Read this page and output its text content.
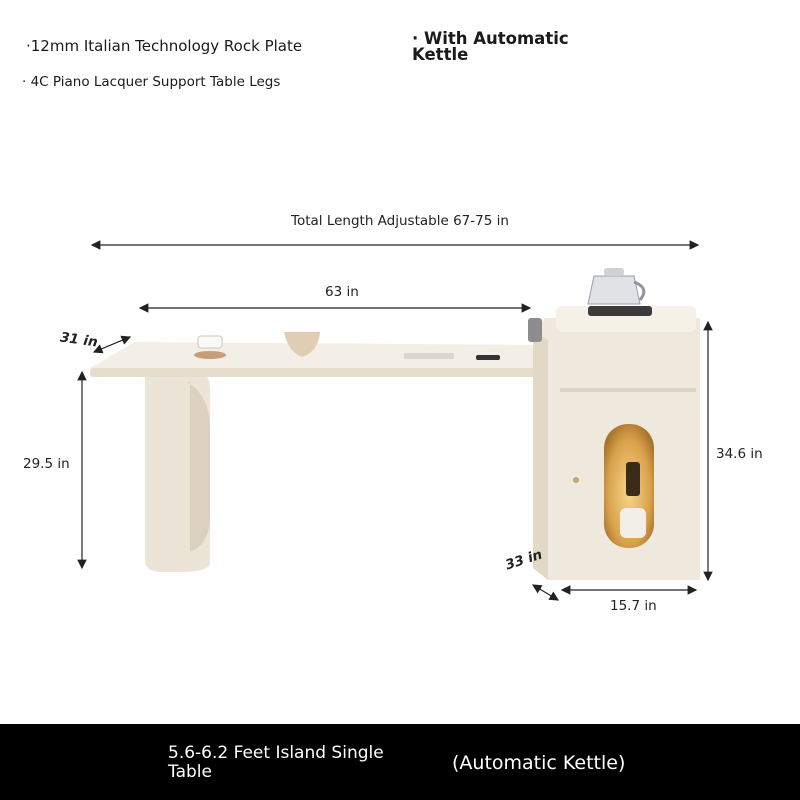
·12mm Italian Technology Rock Plate
· 4C Piano Lacquer Support Table Legs
· With Automatic Kettle
Total Length Adjustable 67-75 in
63 in
31 in
29.5 in
34.6 in
33 in
15.7 in
5.6-6.2 Feet Island Single Table	(Automatic Kettle)
